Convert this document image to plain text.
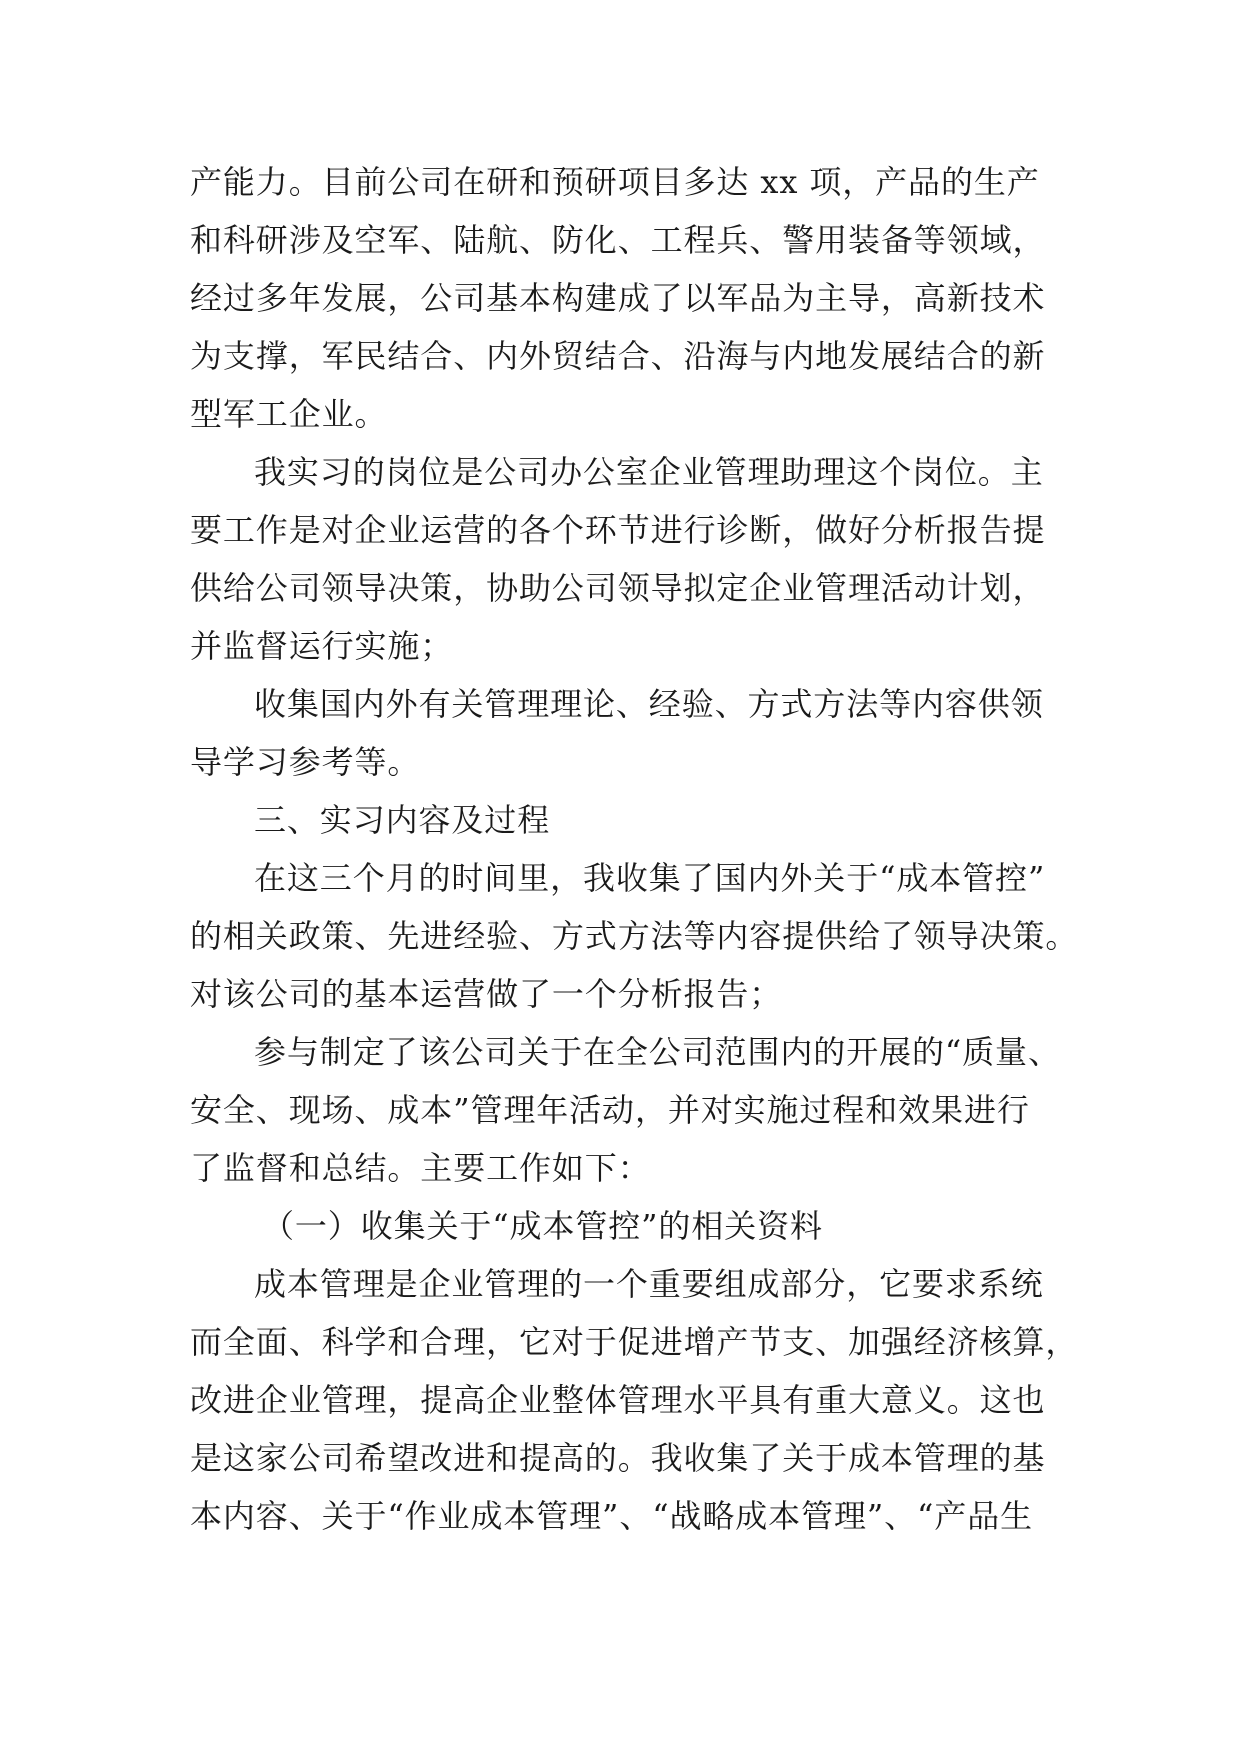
产能力。目前公司在研和预研项目多达 xx 项，产品的生产
和科研涉及空军、陆航、防化、工程兵、警用装备等领域，
经过多年发展，公司基本构建成了以军品为主导，高新技术
为支撑，军民结合、内外贸结合、沿海与内地发展结合的新
型军工企业。
我实习的岗位是公司办公室企业管理助理这个岗位。主
要工作是对企业运营的各个环节进行诊断，做好分析报告提
供给公司领导决策，协助公司领导拟定企业管理活动计划，
并监督运行实施；
收集国内外有关管理理论、经验、方式方法等内容供领
导学习参考等。
三、实习内容及过程
在这三个月的时间里，我收集了国内外关于“成本管控”
的相关政策、先进经验、方式方法等内容提供给了领导决策。
对该公司的基本运营做了一个分析报告；
参与制定了该公司关于在全公司范围内的开展的“质量、
安全、现场、成本”管理年活动，并对实施过程和效果进行
了监督和总结。主要工作如下：
（一）收集关于“成本管控”的相关资料
成本管理是企业管理的一个重要组成部分，它要求系统
而全面、科学和合理，它对于促进增产节支、加强经济核算，
改进企业管理，提高企业整体管理水平具有重大意义。这也
是这家公司希望改进和提高的。我收集了关于成本管理的基
本内容、关于“作业成本管理”、“战略成本管理”、“产品生
